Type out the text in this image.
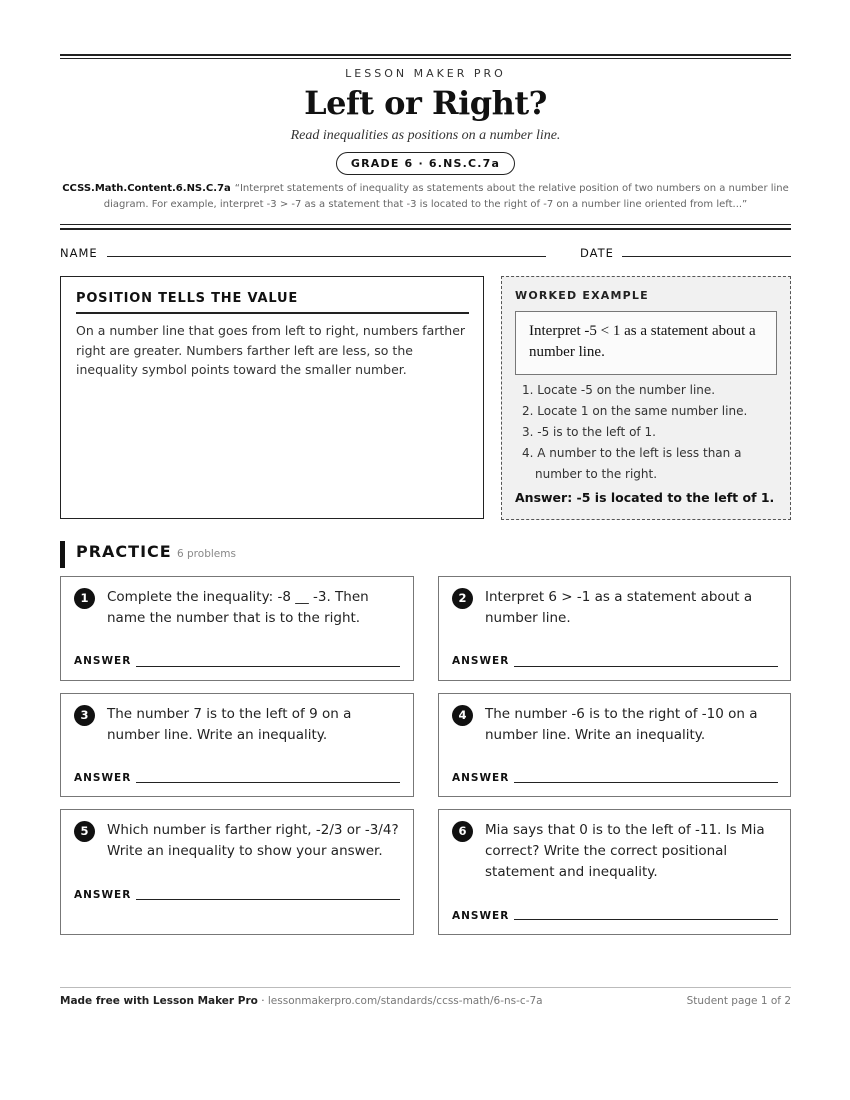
LESSON MAKER PRO
Left or Right?
Read inequalities as positions on a number line.
GRADE 6 · 6.NS.C.7a
CCSS.Math.Content.6.NS.C.7a “Interpret statements of inequality as statements about the relative position of two numbers on a number line diagram. For example, interpret -3 > -7 as a statement that -3 is located to the right of -7 on a number line oriented from left...”
NAME	DATE
POSITION TELLS THE VALUE
On a number line that goes from left to right, numbers farther right are greater. Numbers farther left are less, so the inequality symbol points toward the smaller number.
WORKED EXAMPLE
Interpret -5 < 1 as a statement about a number line.
1. Locate -5 on the number line.
2. Locate 1 on the same number line.
3. -5 is to the left of 1.
4. A number to the left is less than a number to the right.
Answer: -5 is located to the left of 1.
PRACTICE 6 problems
1	Complete the inequality: -8 __ -3. Then name the number that is to the right.
ANSWER
2	Interpret 6 > -1 as a statement about a number line.
ANSWER
3	The number 7 is to the left of 9 on a number line. Write an inequality.
ANSWER
4	The number -6 is to the right of -10 on a number line. Write an inequality.
ANSWER
5	Which number is farther right, -2/3 or -3/4? Write an inequality to show your answer.
ANSWER
6	Mia says that 0 is to the left of -11. Is Mia correct? Write the correct positional statement and inequality.
ANSWER
Made free with Lesson Maker Pro · lessonmakerpro.com/standards/ccss-math/6-ns-c-7a	Student page 1 of 2
